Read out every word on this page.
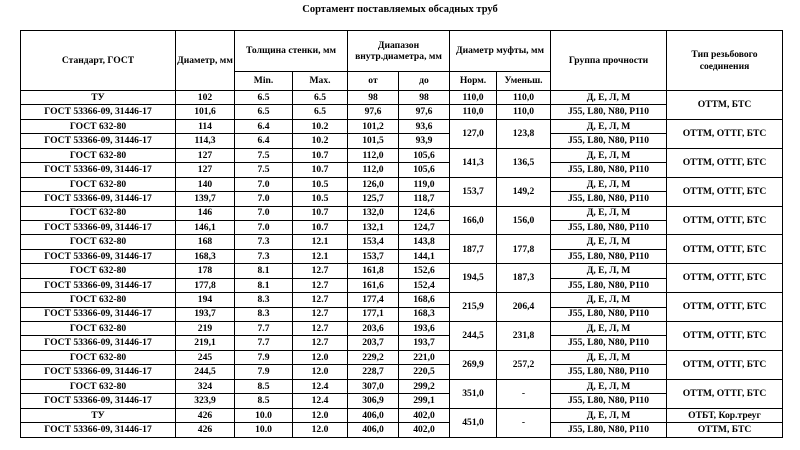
Сортамент поставляемых обсадных труб
Стандарт, ГОСТ	Диаметр, мм	Толщина стенки, мм		Диапазон внутр.диаметра, мм		Диаметр муфты, мм		Группа прочности	Тип резьбового соединения
		Min.	Max.	от	до	Норм.	Уменьш.		
ТУ	102	6.5	6.5	98	98	110,0	110,0	Д, Е, Л, М	ОТТМ, БТС
ГОСТ 53366-09, 31446-17	101,6	6.5	6.5	97,6	97,6	110,0	110,0	J55, L80, N80, P110	
ГОСТ 632-80	114	6.4	10.2	101,2	93,6	127,0	123,8	Д, Е, Л, М	ОТТМ, ОТТГ, БТС
ГОСТ 53366-09, 31446-17	114,3	6.4	10.2	101,5	93,9			J55, L80, N80, P110	
ГОСТ 632-80	127	7.5	10.7	112,0	105,6	141,3	136,5	Д, Е, Л, М	ОТТМ, ОТТГ, БТС
ГОСТ 53366-09, 31446-17	127	7.5	10.7	112,0	105,6			J55, L80, N80, P110	
ГОСТ 632-80	140	7.0	10.5	126,0	119,0	153,7	149,2	Д, Е, Л, М	ОТТМ, ОТТГ, БТС
ГОСТ 53366-09, 31446-17	139,7	7.0	10.5	125,7	118,7			J55, L80, N80, P110	
ГОСТ 632-80	146	7.0	10.7	132,0	124,6	166,0	156,0	Д, Е, Л, М	ОТТМ, ОТТГ, БТС
ГОСТ 53366-09, 31446-17	146,1	7.0	10.7	132,1	124,7			J55, L80, N80, P110	
ГОСТ 632-80	168	7.3	12.1	153,4	143,8	187,7	177,8	Д, Е, Л, М	ОТТМ, ОТТГ, БТС
ГОСТ 53366-09, 31446-17	168,3	7.3	12.1	153,7	144,1			J55, L80, N80, P110	
ГОСТ 632-80	178	8.1	12.7	161,8	152,6	194,5	187,3	Д, Е, Л, М	ОТТМ, ОТТГ, БТС
ГОСТ 53366-09, 31446-17	177,8	8.1	12.7	161,6	152,4			J55, L80, N80, P110	
ГОСТ 632-80	194	8.3	12.7	177,4	168,6	215,9	206,4	Д, Е, Л, М	ОТТМ, ОТТГ, БТС
ГОСТ 53366-09, 31446-17	193,7	8.3	12.7	177,1	168,3			J55, L80, N80, P110	
ГОСТ 632-80	219	7.7	12.7	203,6	193,6	244,5	231,8	Д, Е, Л, М	ОТТМ, ОТТГ, БТС
ГОСТ 53366-09, 31446-17	219,1	7.7	12.7	203,7	193,7			J55, L80, N80, P110	
ГОСТ 632-80	245	7.9	12.0	229,2	221,0	269,9	257,2	Д, Е, Л, М	ОТТМ, ОТТГ, БТС
ГОСТ 53366-09, 31446-17	244,5	7.9	12.0	228,7	220,5			J55, L80, N80, P110	
ГОСТ 632-80	324	8.5	12.4	307,0	299,2	351,0	-	Д, Е, Л, М	ОТТМ, ОТТГ, БТС
ГОСТ 53366-09, 31446-17	323,9	8.5	12.4	306,9	299,1			J55, L80, N80, P110	
ТУ	426	10.0	12.0	406,0	402,0	451,0	-	Д, Е, Л, М	ОТБТ, Кор.треуг
ГОСТ 53366-09, 31446-17	426	10.0	12.0	406,0	402,0			J55, L80, N80, P110	ОТТМ, БТС
